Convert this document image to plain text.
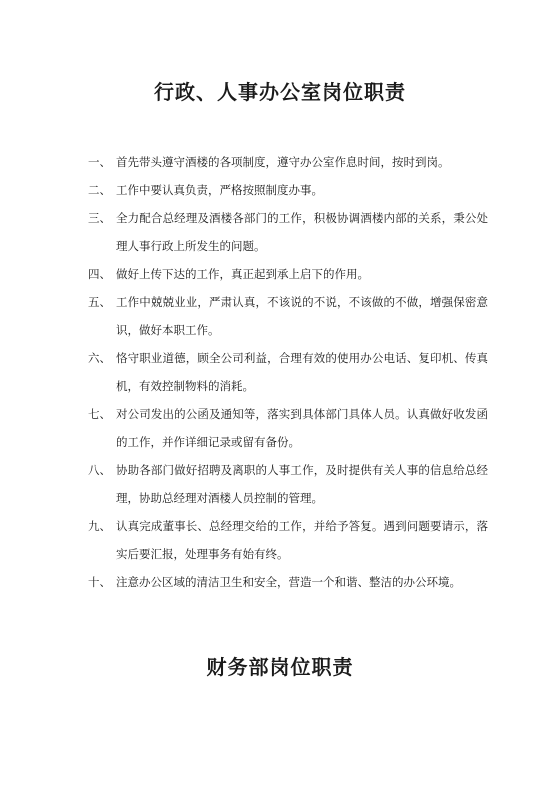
行政、人事办公室岗位职责
一、 首先带头遵守酒楼的各项制度，遵守办公室作息时间，按时到岗。
二、 工作中要认真负责，严格按照制度办事。
三、 全力配合总经理及酒楼各部门的工作，积极协调酒楼内部的关系，秉公处理人事行政上所发生的问题。
四、 做好上传下达的工作，真正起到承上启下的作用。
五、 工作中兢兢业业，严肃认真，不该说的不说，不该做的不做，增强保密意识，做好本职工作。
六、 恪守职业道德，顾全公司利益，合理有效的使用办公电话、复印机、传真机，有效控制物料的消耗。
七、 对公司发出的公函及通知等，落实到具体部门具体人员。认真做好收发函的工作，并作详细记录或留有备份。
八、 协助各部门做好招聘及离职的人事工作，及时提供有关人事的信息给总经理，协助总经理对酒楼人员控制的管理。
九、 认真完成董事长、总经理交给的工作，并给予答复。遇到问题要请示，落实后要汇报，处理事务有始有终。
十、 注意办公区域的清洁卫生和安全，营造一个和谐、整洁的办公环境。
财务部岗位职责
